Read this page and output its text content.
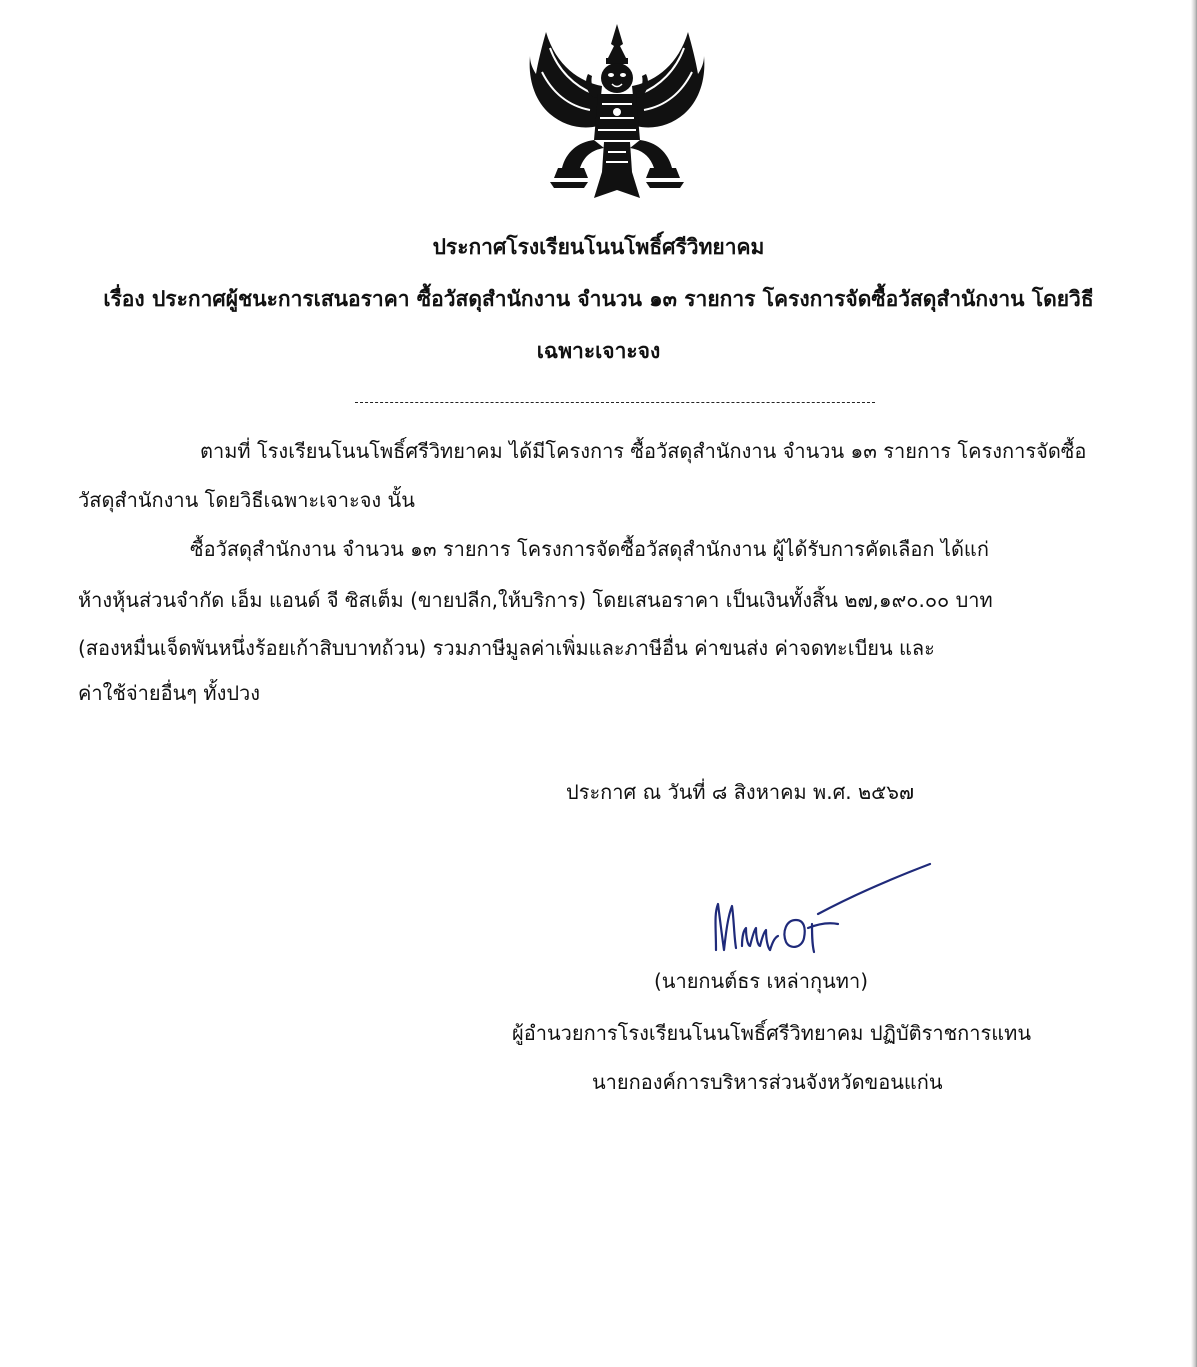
ประกาศโรงเรียนโนนโพธิ์ศรีวิทยาคม
เรื่อง ประกาศผู้ชนะการเสนอราคา ซื้อวัสดุสำนักงาน จำนวน ๑๓ รายการ โครงการจัดซื้อวัสดุสำนักงาน โดยวิธี
เฉพาะเจาะจง
ตามที่ โรงเรียนโนนโพธิ์ศรีวิทยาคม ได้มีโครงการ ซื้อวัสดุสำนักงาน จำนวน ๑๓ รายการ โครงการจัดซื้อ
วัสดุสำนักงาน โดยวิธีเฉพาะเจาะจง นั้น
ซื้อวัสดุสำนักงาน จำนวน ๑๓ รายการ โครงการจัดซื้อวัสดุสำนักงาน ผู้ได้รับการคัดเลือก ได้แก่
ห้างหุ้นส่วนจำกัด เอ็ม แอนด์ จี ซิสเต็ม (ขายปลีก,ให้บริการ) โดยเสนอราคา เป็นเงินทั้งสิ้น ๒๗,๑๙๐.๐๐ บาท
(สองหมื่นเจ็ดพันหนึ่งร้อยเก้าสิบบาทถ้วน) รวมภาษีมูลค่าเพิ่มและภาษีอื่น ค่าขนส่ง ค่าจดทะเบียน และ
ค่าใช้จ่ายอื่นๆ ทั้งปวง
ประกาศ ณ วันที่ ๘ สิงหาคม พ.ศ. ๒๕๖๗
(นายกนต์ธร เหล่ากุนทา)
ผู้อำนวยการโรงเรียนโนนโพธิ์ศรีวิทยาคม ปฏิบัติราชการแทน
นายกองค์การบริหารส่วนจังหวัดขอนแก่น
